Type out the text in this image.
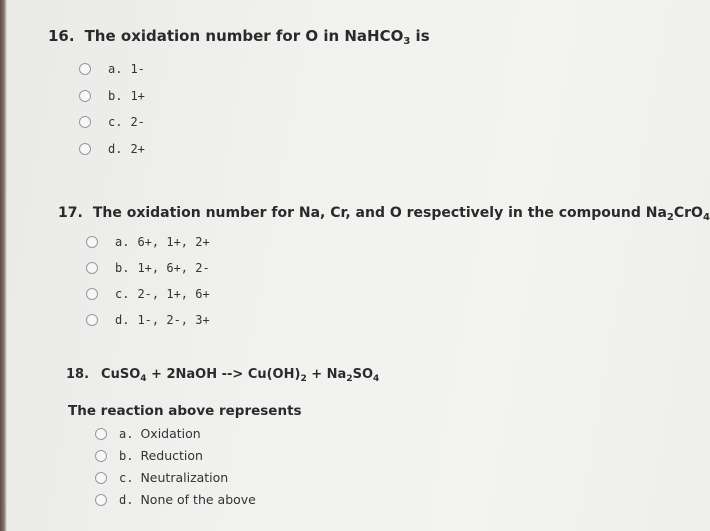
16. The oxidation number for O in NaHCO$_3$ is
a. 1-
b. 1+
c. 2-
d. 2+
17. The oxidation number for Na, Cr, and O respectively in the compound $Na_2CrO_4$
a. 6+, 1+, 2+
b. 1+, 6+, 2-
c. 2-, 1+, 6+
d. 1-, 2-, 3+
18. CuSO$_4$ + 2NaOH --> $Cu(OH)_2 + Na_2SO_4$
The reaction above represents
a. Oxidation
b. Reduction
c. Neutralization
d. None of the above
